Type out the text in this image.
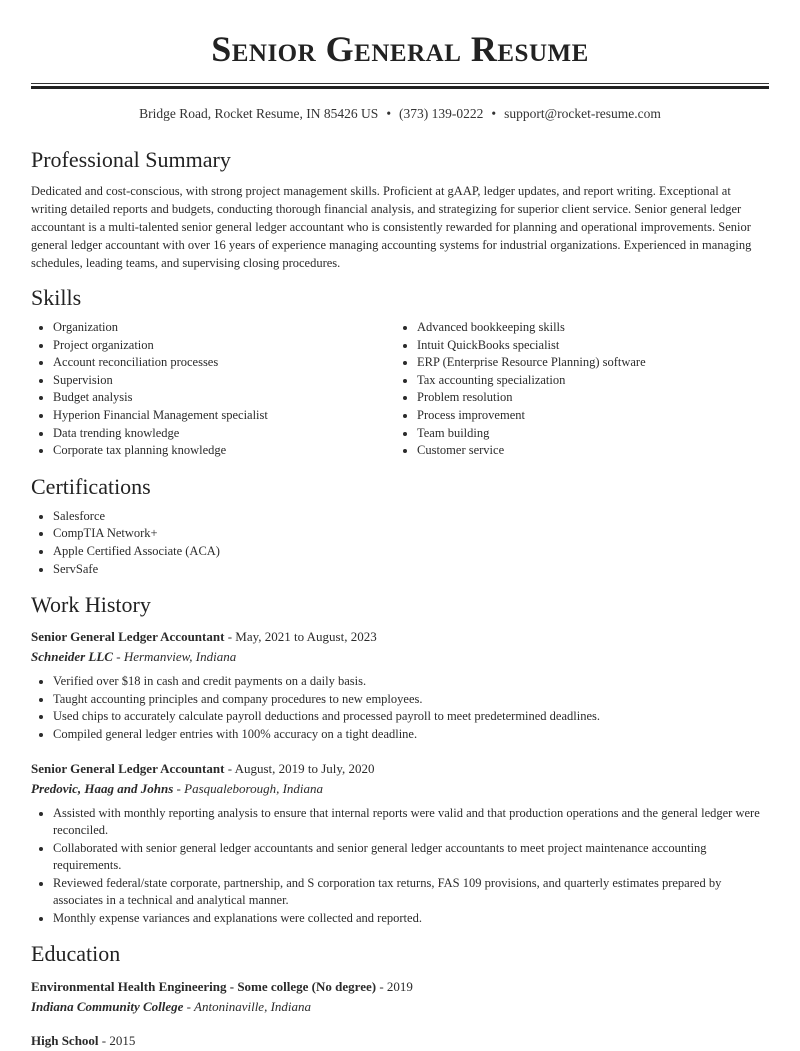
Senior General Resume
Bridge Road, Rocket Resume, IN 85426 US • (373) 139-0222 • support@rocket-resume.com
Professional Summary

Dedicated and cost-conscious, with strong project management skills. Proficient at gAAP, ledger updates, and report writing. Exceptional at writing detailed reports and budgets, conducting thorough financial analysis, and strategizing for superior client service. Senior general ledger accountant is a multi-talented senior general ledger accountant who is consistently rewarded for planning and operational improvements. Senior general ledger accountant with over 16 years of experience managing accounting systems for industrial organizations. Experienced in managing schedules, leading teams, and supervising closing procedures.

Skills
• Organization
• Project organization
• Account reconciliation processes
• Supervision
• Budget analysis
• Hyperion Financial Management specialist
• Data trending knowledge
• Corporate tax planning knowledge
• Advanced bookkeeping skills
• Intuit QuickBooks specialist
• ERP (Enterprise Resource Planning) software
• Tax accounting specialization
• Problem resolution
• Process improvement
• Team building
• Customer service
Certifications
• Salesforce
• CompTIA Network+
• Apple Certified Associate (ACA)
• ServSafe
Work History
Senior General Ledger Accountant - May, 2021 to August, 2023
Schneider LLC - Hermanview, Indiana
• Verified over $18 in cash and credit payments on a daily basis.
• Taught accounting principles and company procedures to new employees.
• Used chips to accurately calculate payroll deductions and processed payroll to meet predetermined deadlines.
• Compiled general ledger entries with 100% accuracy on a tight deadline.
Senior General Ledger Accountant - August, 2019 to July, 2020
Predovic, Haag and Johns - Pasqualeborough, Indiana
• Assisted with monthly reporting analysis to ensure that internal reports were valid and that production operations and the general ledger were reconciled.
• Collaborated with senior general ledger accountants and senior general ledger accountants to meet project maintenance accounting requirements.
• Reviewed federal/state corporate, partnership, and S corporation tax returns, FAS 109 provisions, and quarterly estimates prepared by associates in a technical and analytical manner.
• Monthly expense variances and explanations were collected and reported.
Education
Environmental Health Engineering - Some college (No degree) - 2019
Indiana Community College - Antoninaville, Indiana
High School - 2015
